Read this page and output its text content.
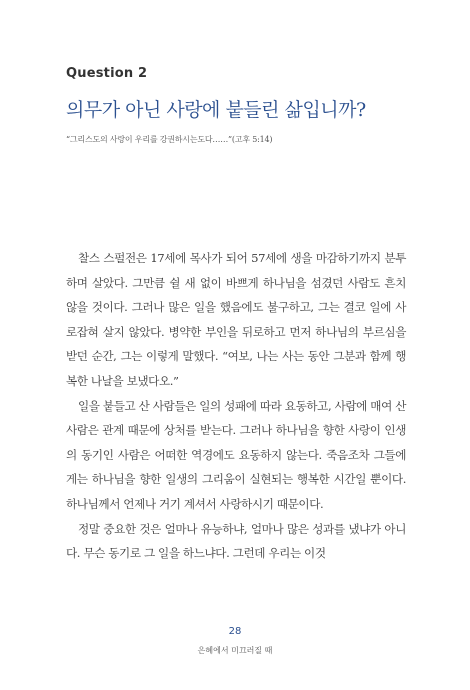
Question 2
의무가 아닌 사랑에 붙들린 삶입니까?
“그리스도의 사랑이 우리를 강권하시는도다……”(고후 5:14)

찰스 스펄전은 17세에 목사가 되어 57세에 생을 마감하기까지 분투하며 살았다. 그만큼 쉴 새 없이 바쁘게 하나님을 섬겼던 사람도 흔치 않을 것이다. 그러나 많은 일을 했음에도 불구하고, 그는 결코 일에 사로잡혀 살지 않았다. 병약한 부인을 뒤로하고 먼저 하나님의 부르심을 받던 순간, 그는 이렇게 말했다. “여보, 나는 사는 동안 그분과 함께 행복한 나날을 보냈다오.”

일을 붙들고 산 사람들은 일의 성패에 따라 요동하고, 사람에 매여 산 사람은 관계 때문에 상처를 받는다. 그러나 하나님을 향한 사랑이 인생의 동기인 사람은 어떠한 역경에도 요동하지 않는다. 죽음조차 그들에게는 하나님을 향한 일생의 그리움이 실현되는 행복한 시간일 뿐이다. 하나님께서 언제나 거기 계셔서 사랑하시기 때문이다.

정말 중요한 것은 얼마나 유능하냐, 얼마나 많은 성과를 냈냐가 아니다. 무슨 동기로 그 일을 하느냐다. 그런데 우리는 이것

28
은혜에서 미끄러질 때
